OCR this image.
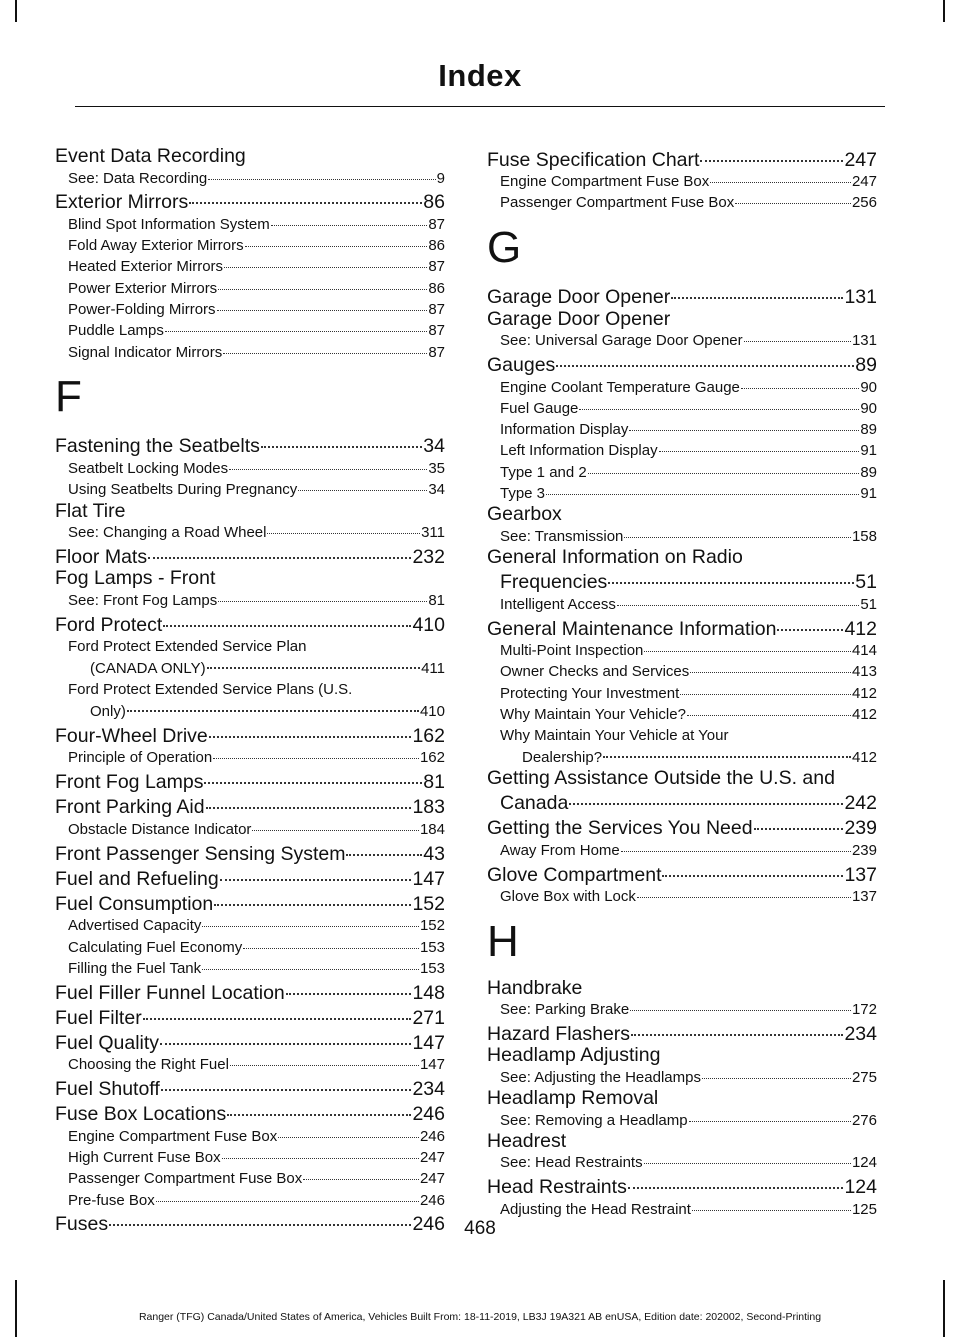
Index
Event Data Recording
See: Data Recording	9
Exterior Mirrors	86
Blind Spot Information System	87
Fold Away Exterior Mirrors	86
Heated Exterior Mirrors	87
Power Exterior Mirrors	86
Power-Folding Mirrors	87
Puddle Lamps	87
Signal Indicator Mirrors	87
F
Fastening the Seatbelts	34
Seatbelt Locking Modes	35
Using Seatbelts During Pregnancy	34
Flat Tire
See: Changing a Road Wheel	311
Floor Mats	232
Fog Lamps - Front
See: Front Fog Lamps	81
Ford Protect	410
Ford Protect Extended Service Plan
(CANADA ONLY)	411
Ford Protect Extended Service Plans (U.S.
Only)	410
Four-Wheel Drive	162
Principle of Operation	162
Front Fog Lamps	81
Front Parking Aid	183
Obstacle Distance Indicator	184
Front Passenger Sensing System	43
Fuel and Refueling	147
Fuel Consumption	152
Advertised Capacity	152
Calculating Fuel Economy	153
Filling the Fuel Tank	153
Fuel Filler Funnel Location	148
Fuel Filter	271
Fuel Quality	147
Choosing the Right Fuel	147
Fuel Shutoff	234
Fuse Box Locations	246
Engine Compartment Fuse Box	246
High Current Fuse Box	247
Passenger Compartment Fuse Box	247
Pre-fuse Box	246
Fuses	246
Fuse Specification Chart	247
Engine Compartment Fuse Box	247
Passenger Compartment Fuse Box	256
G
Garage Door Opener	131
Garage Door Opener
See: Universal Garage Door Opener	131
Gauges	89
Engine Coolant Temperature Gauge	90
Fuel Gauge	90
Information Display	89
Left Information Display	91
Type 1 and 2	89
Type 3	91
Gearbox
See: Transmission	158
General Information on Radio
Frequencies	51
Intelligent Access	51
General Maintenance Information	412
Multi-Point Inspection	414
Owner Checks and Services	413
Protecting Your Investment	412
Why Maintain Your Vehicle?	412
Why Maintain Your Vehicle at Your
Dealership?	412
Getting Assistance Outside the U.S. and
Canada	242
Getting the Services You Need	239
Away From Home	239
Glove Compartment	137
Glove Box with Lock	137
H
Handbrake
See: Parking Brake	172
Hazard Flashers	234
Headlamp Adjusting
See: Adjusting the Headlamps	275
Headlamp Removal
See: Removing a Headlamp	276
Headrest
See: Head Restraints	124
Head Restraints	124
Adjusting the Head Restraint	125
468
Ranger (TFG) Canada/United States of America, Vehicles Built From: 18-11-2019, LB3J 19A321 AB enUSA, Edition date: 202002, Second-Printing
